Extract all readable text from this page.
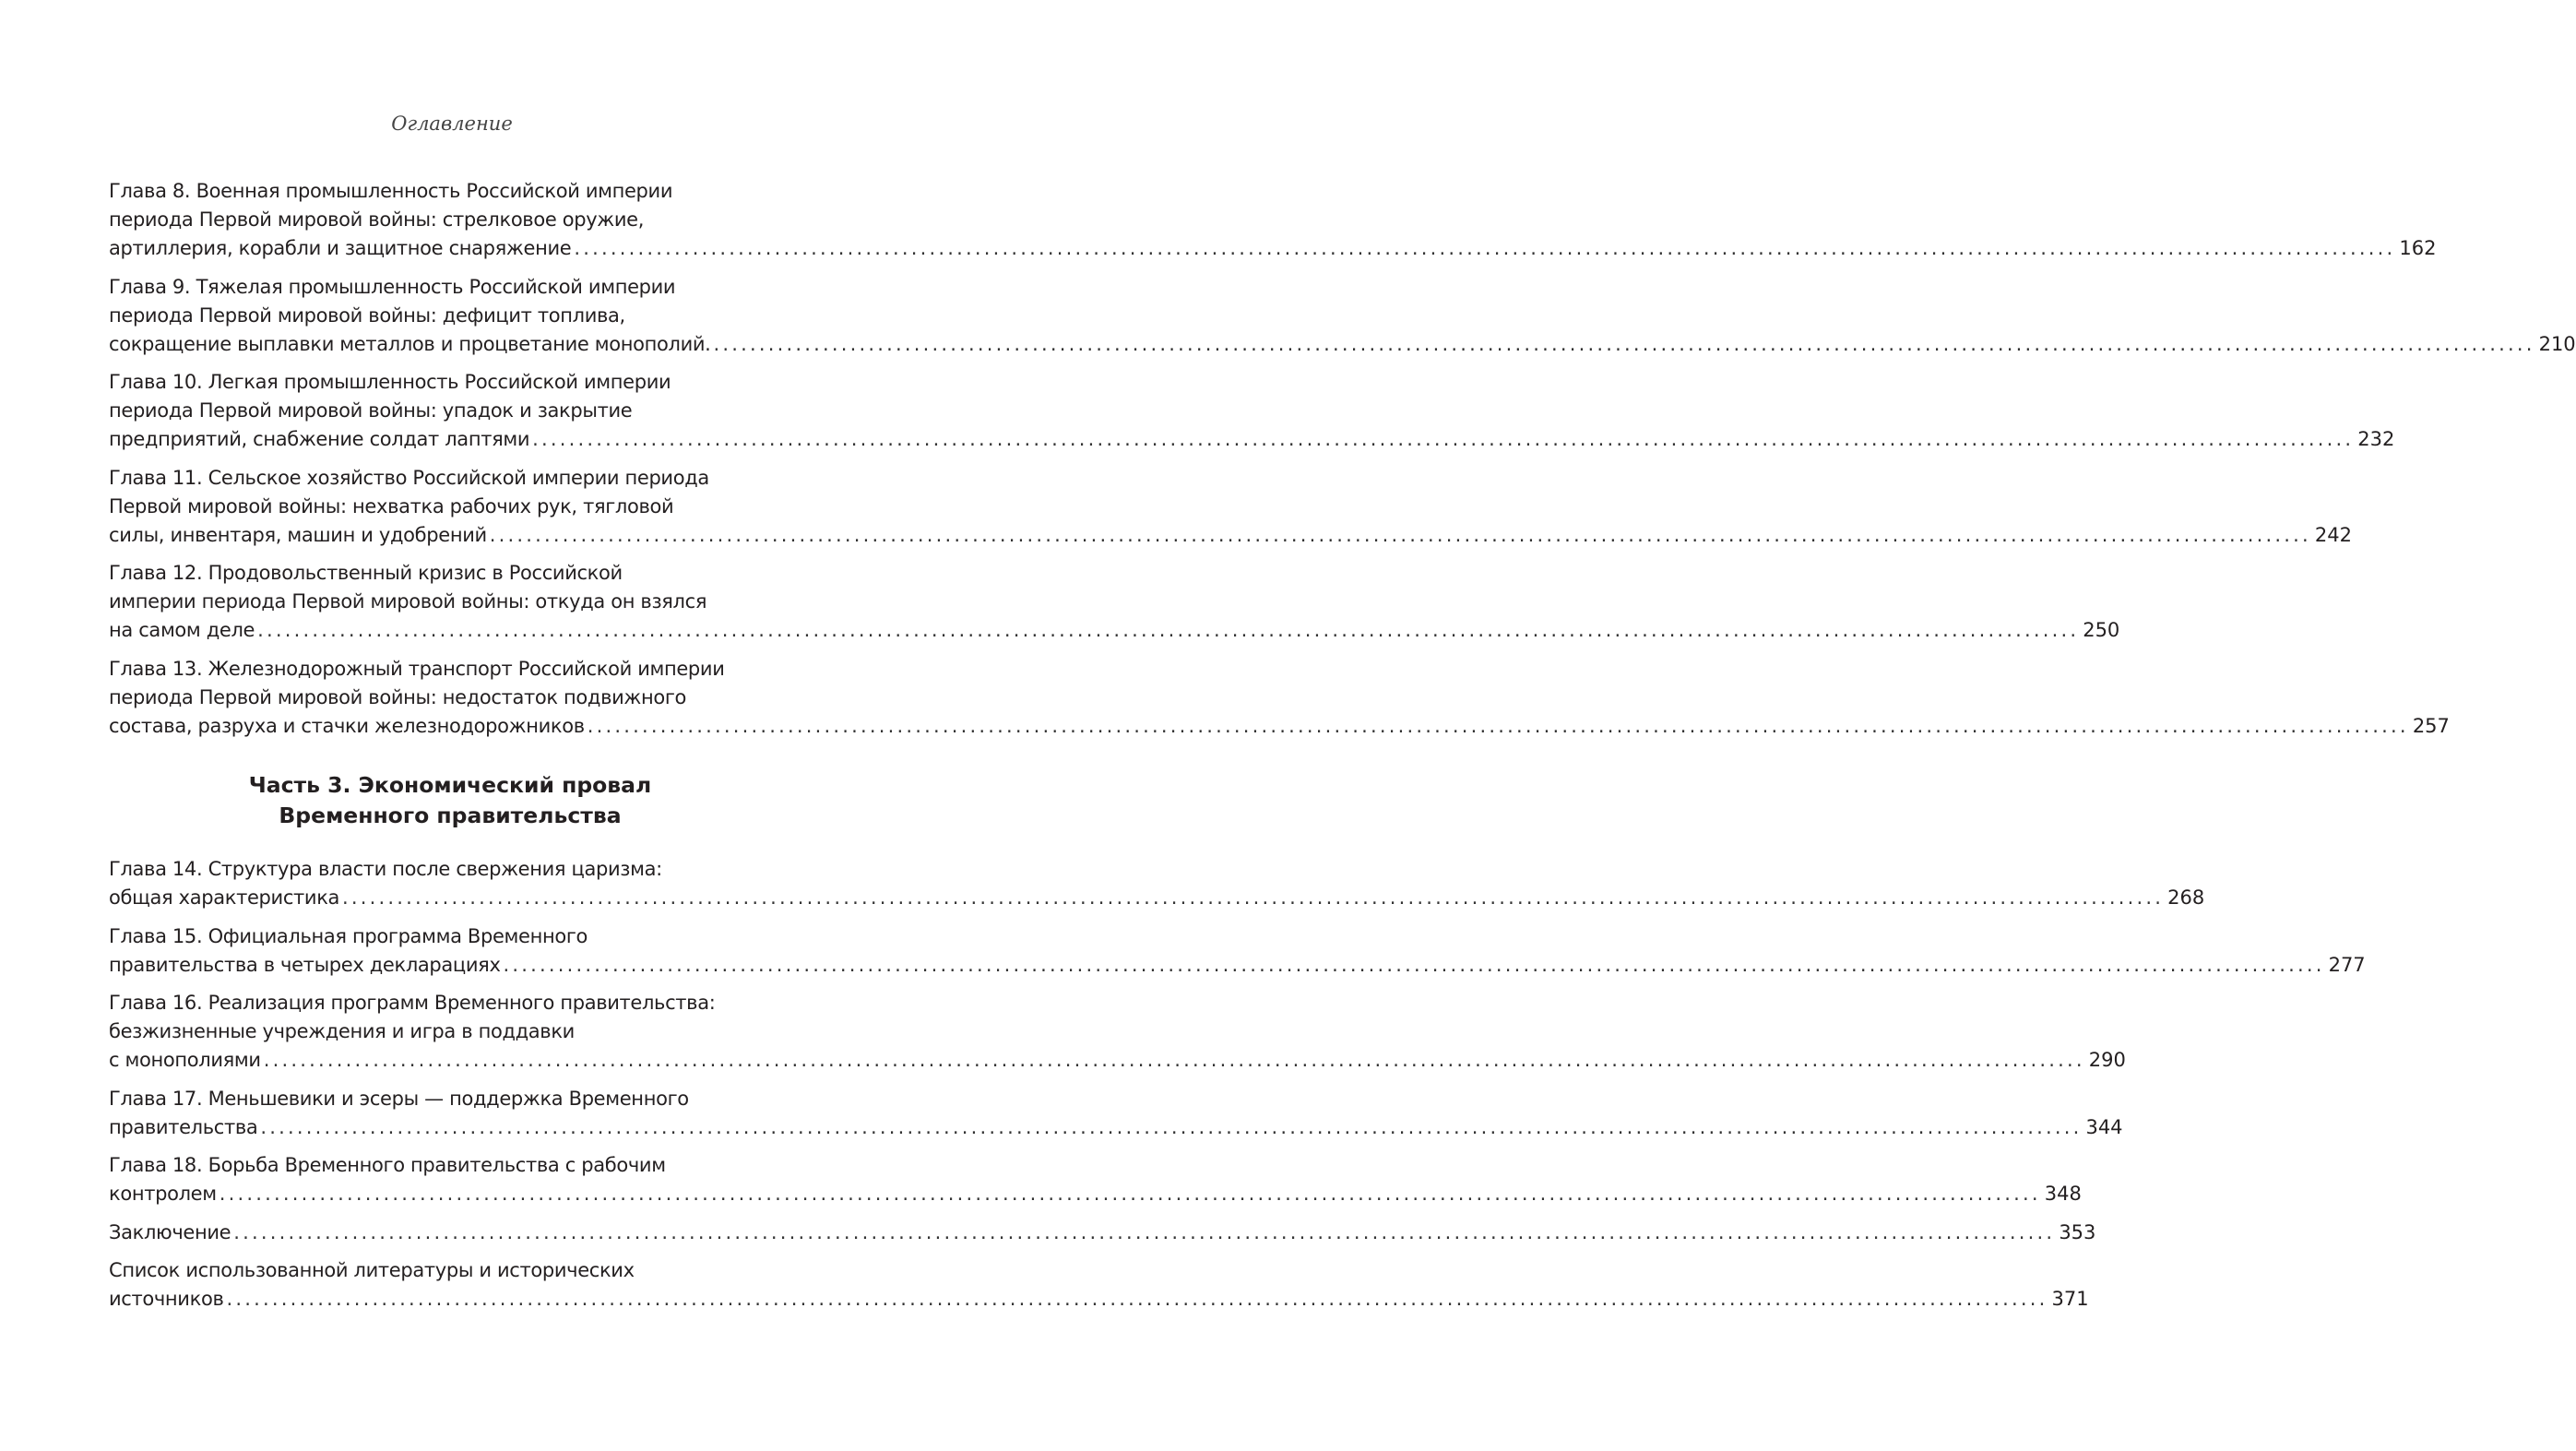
Оглавление
Глава 8. Военная промышленность Российской империи
периода Первой мировой войны: стрелковое оружие,
артиллерия, корабли и защитное снаряжение ........................................................................................................................................................................................................ 162
Глава 9. Тяжелая промышленность Российской империи
периода Первой мировой войны: дефицит топлива,
сокращение выплавки металлов и процветание монополий. ........................................................................................................................................................................................................ 210
Глава 10. Легкая промышленность Российской империи
периода Первой мировой войны: упадок и закрытие
предприятий, снабжение солдат лаптями ........................................................................................................................................................................................................ 232
Глава 11. Сельское хозяйство Российской империи периода
Первой мировой войны: нехватка рабочих рук, тягловой
силы, инвентаря, машин и удобрений ........................................................................................................................................................................................................ 242
Глава 12. Продовольственный кризис в Российской
империи периода Первой мировой войны: откуда он взялся
на самом деле ........................................................................................................................................................................................................ 250
Глава 13. Железнодорожный транспорт Российской империи
периода Первой мировой войны: недостаток подвижного
состава, разруха и стачки железнодорожников ........................................................................................................................................................................................................ 257
Часть 3. Экономический провал
Временного правительства
Глава 14. Структура власти после свержения царизма:
общая характеристика ........................................................................................................................................................................................................ 268
Глава 15. Официальная программа Временного
правительства в четырех декларациях ........................................................................................................................................................................................................ 277
Глава 16. Реализация программ Временного правительства:
безжизненные учреждения и игра в поддавки
с монополиями ........................................................................................................................................................................................................ 290
Глава 17. Меньшевики и эсеры — поддержка Временного
правительства ........................................................................................................................................................................................................ 344
Глава 18. Борьба Временного правительства с рабочим
контролем ........................................................................................................................................................................................................ 348
Заключение ........................................................................................................................................................................................................ 353
Список использованной литературы и исторических
источников ........................................................................................................................................................................................................ 371
